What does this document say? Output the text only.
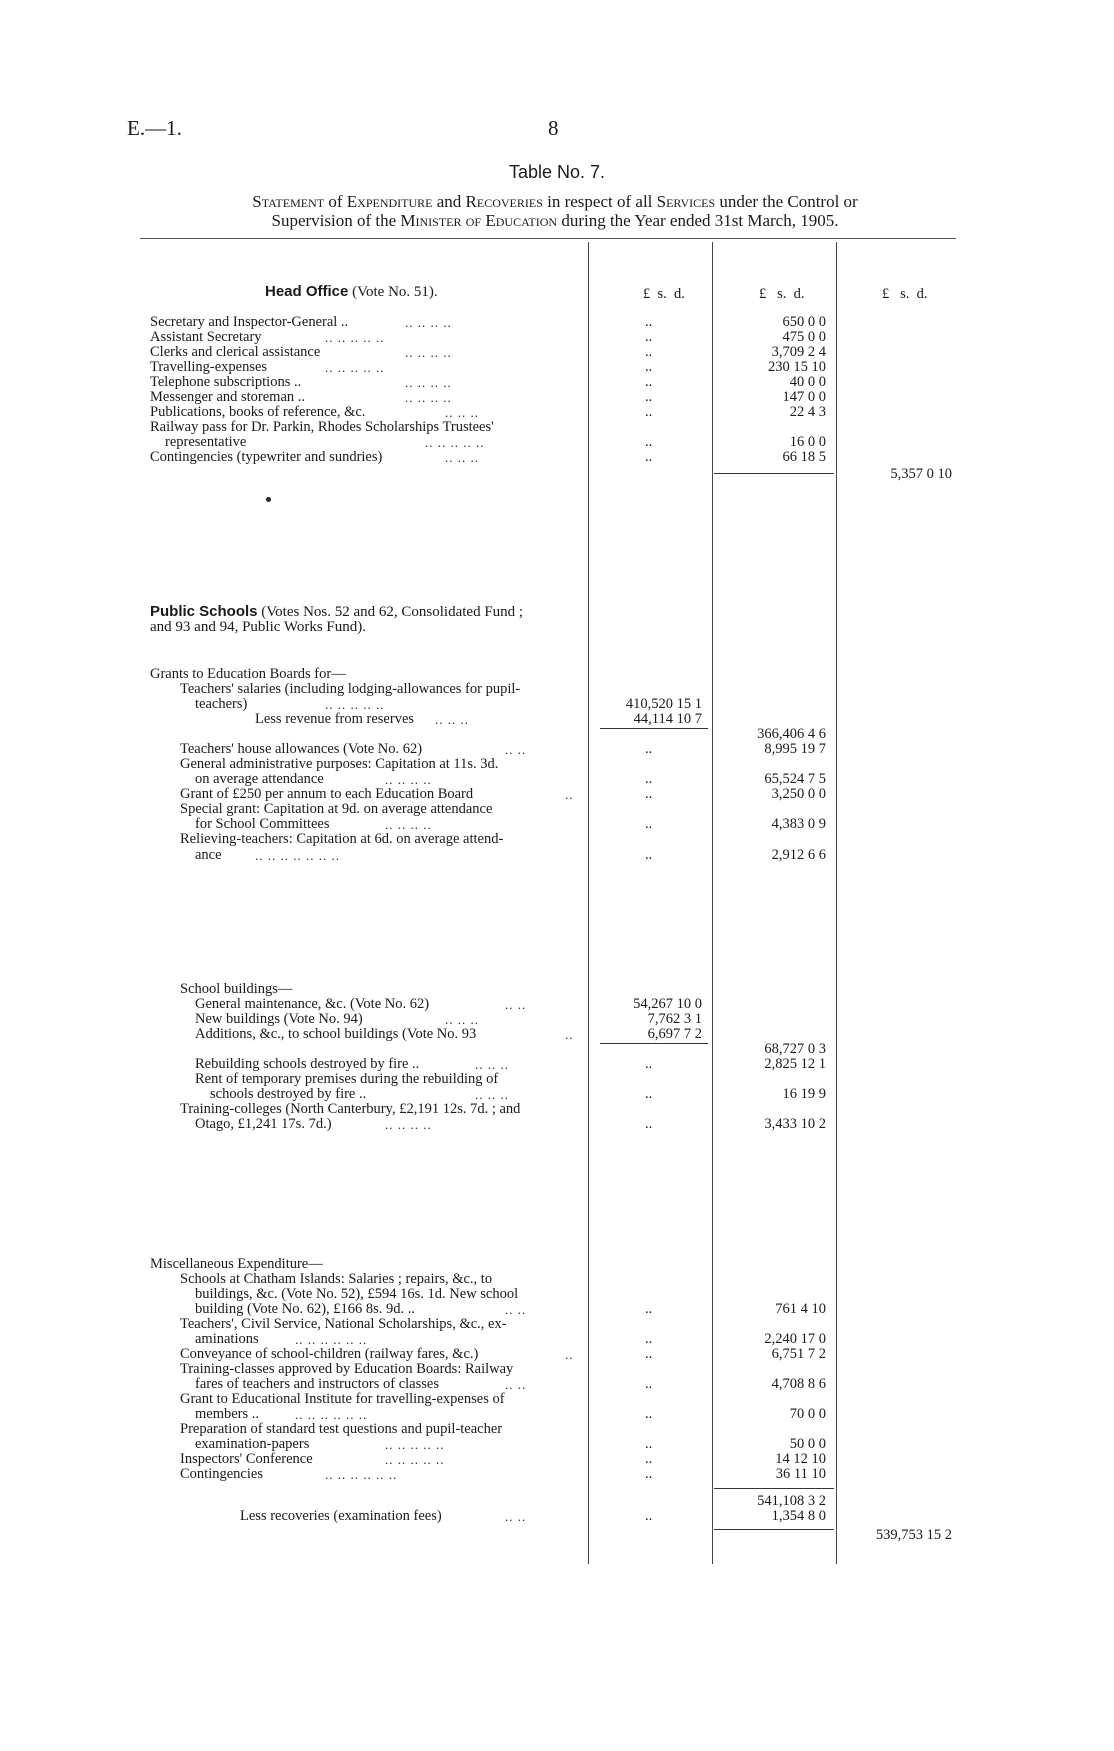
E.—1.	8
Table No. 7.
Statement of Expenditure and Recoveries in respect of all Services under the Control or
Supervision of the Minister of Education during the Year ended 31st March, 1905.
£ s. d.	£ s. d.	£ s. d.
Head Office (Vote No. 51).
Secretary and Inspector-General ..	.. .. .. ..	..	650 0 0
Assistant Secretary	.. .. .. .. ..	..	475 0 0
Clerks and clerical assistance	.. .. .. ..	..	3,709 2 4
Travelling-expenses	.. .. .. .. ..	..	230 15 10
Telephone subscriptions ..	.. .. .. ..	..	40 0 0
Messenger and storeman ..	.. .. .. ..	..	147 0 0
Publications, books of reference, &c.	.. .. ..	..	22 4 3
Railway pass for Dr. Parkin, Rhodes Scholarships Trustees'
representative	.. .. .. .. ..	..	16 0 0
Contingencies (typewriter and sundries)	.. .. ..	..	66 18 5
5,357 0 10
Public Schools (Votes Nos. 52 and 62, Consolidated Fund ;
and 93 and 94, Public Works Fund).
Grants to Education Boards for—
Teachers' salaries (including lodging-allowances for pupil-
teachers)	.. .. .. .. ..	410,520 15 1
Less revenue from reserves .. .. ..	44,114 10 7
366,406 4 6
Teachers' house allowances (Vote No. 62)	.. ..	..	8,995 19 7
General administrative purposes: Capitation at 11s. 3d.
on average attendance	.. .. .. ..	..	65,524 7 5
Grant of £250 per annum to each Education Board	..	..	3,250 0 0
Special grant: Capitation at 9d. on average attendance
for School Committees	.. .. .. ..	..	4,383 0 9
Relieving-teachers: Capitation at 6d. on average attend-
ance	.. .. .. .. .. .. ..	..	2,912 6 6
School buildings—
General maintenance, &c. (Vote No. 62)	.. ..	54,267 10 0
New buildings (Vote No. 94)	.. .. ..	7,762 3 1
Additions, &c., to school buildings (Vote No. 93	..	6,697 7 2
68,727 0 3
Rebuilding schools destroyed by fire ..	.. .. ..	..	2,825 12 1
Rent of temporary premises during the rebuilding of
schools destroyed by fire ..	.. .. ..	..	16 19 9
Training-colleges (North Canterbury, £2,191 12s. 7d. ; and
Otago, £1,241 17s. 7d.)	.. .. .. ..	..	3,433 10 2
Miscellaneous Expenditure—
Schools at Chatham Islands: Salaries ; repairs, &c., to
buildings, &c. (Vote No. 52), £594 16s. 1d. New school
building (Vote No. 62), £166 8s. 9d. ..	.. ..	..	761 4 10
Teachers', Civil Service, National Scholarships, &c., ex-
aminations	.. .. .. .. .. ..	..	2,240 17 0
Conveyance of school-children (railway fares, &c.)	..	..	6,751 7 2
Training-classes approved by Education Boards: Railway
fares of teachers and instructors of classes	.. ..	..	4,708 8 6
Grant to Educational Institute for travelling-expenses of
members ..	.. .. .. .. .. ..	..	70 0 0
Preparation of standard test questions and pupil-teacher
examination-papers	.. .. .. .. ..	..	50 0 0
Inspectors' Conference	.. .. .. .. ..	..	14 12 10
Contingencies	.. .. .. .. .. ..	..	36 11 10
541,108 3 2
Less recoveries (examination fees)	.. ..	..	1,354 8 0
539,753 15 2
